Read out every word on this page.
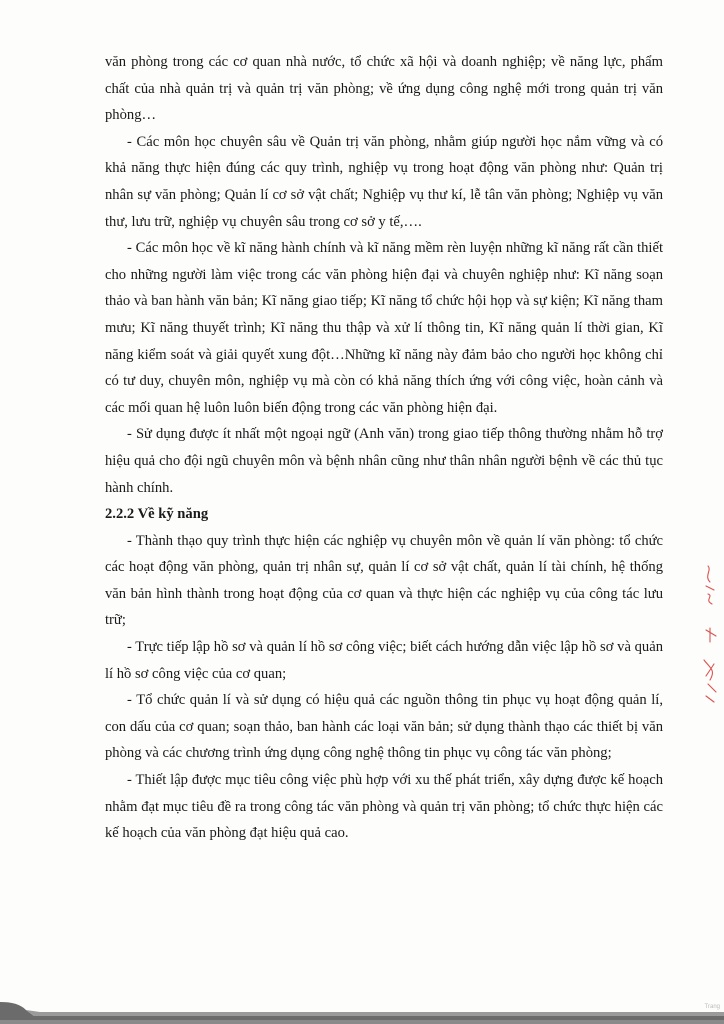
văn phòng trong các cơ quan nhà nước, tổ chức xã hội và doanh nghiệp; về năng lực, phẩm chất của nhà quản trị và quản trị văn phòng; về ứng dụng công nghệ mới trong quản trị văn phòng…

- Các môn học chuyên sâu về Quản trị văn phòng, nhằm giúp người học nắm vững và có khả năng thực hiện đúng các quy trình, nghiệp vụ trong hoạt động văn phòng như: Quản trị nhân sự văn phòng; Quản lí cơ sở vật chất; Nghiệp vụ thư kí, lễ tân văn phòng; Nghiệp vụ văn thư, lưu trữ, nghiệp vụ chuyên sâu trong cơ sở y tế,….

- Các môn học về kĩ năng hành chính và kĩ năng mềm rèn luyện những kĩ năng rất cần thiết cho những người làm việc trong các văn phòng hiện đại và chuyên nghiệp như: Kĩ năng soạn thảo và ban hành văn bản; Kĩ năng giao tiếp; Kĩ năng tổ chức hội họp và sự kiện; Kĩ năng tham mưu; Kĩ năng thuyết trình; Kĩ năng thu thập và xử lí thông tin, Kĩ năng quản lí thời gian, Kĩ năng kiểm soát và giải quyết xung đột…Những kĩ năng này đảm bảo cho người học không chỉ có tư duy, chuyên môn, nghiệp vụ mà còn có khả năng thích ứng với công việc, hoàn cảnh và các mối quan hệ luôn luôn biến động trong các văn phòng hiện đại.

- Sử dụng được ít nhất một ngoại ngữ (Anh văn) trong giao tiếp thông thường nhằm hỗ trợ hiệu quả cho đội ngũ chuyên môn và bệnh nhân cũng như thân nhân người bệnh về các thủ tục hành chính.

2.2.2 Về kỹ năng

- Thành thạo quy trình thực hiện các nghiệp vụ chuyên môn về quản lí văn phòng: tổ chức các hoạt động văn phòng, quản trị nhân sự, quản lí cơ sở vật chất, quản lí tài chính, hệ thống văn bản hình thành trong hoạt động của cơ quan và thực hiện các nghiệp vụ của công tác lưu trữ;

- Trực tiếp lập hồ sơ và quản lí hồ sơ công việc; biết cách hướng dẫn việc lập hồ sơ và quản lí hồ sơ công việc của cơ quan;

- Tổ chức quản lí và sử dụng có hiệu quả các nguồn thông tin phục vụ hoạt động quản lí, con dấu của cơ quan; soạn thảo, ban hành các loại văn bản; sử dụng thành thạo các thiết bị văn phòng và các chương trình ứng dụng công nghệ thông tin phục vụ công tác văn phòng;

- Thiết lập được mục tiêu công việc phù hợp với xu thế phát triển, xây dựng được kế hoạch nhằm đạt mục tiêu đề ra trong công tác văn phòng và quản trị văn phòng; tổ chức thực hiện các kế hoạch của văn phòng đạt hiệu quả cao.

Trang
